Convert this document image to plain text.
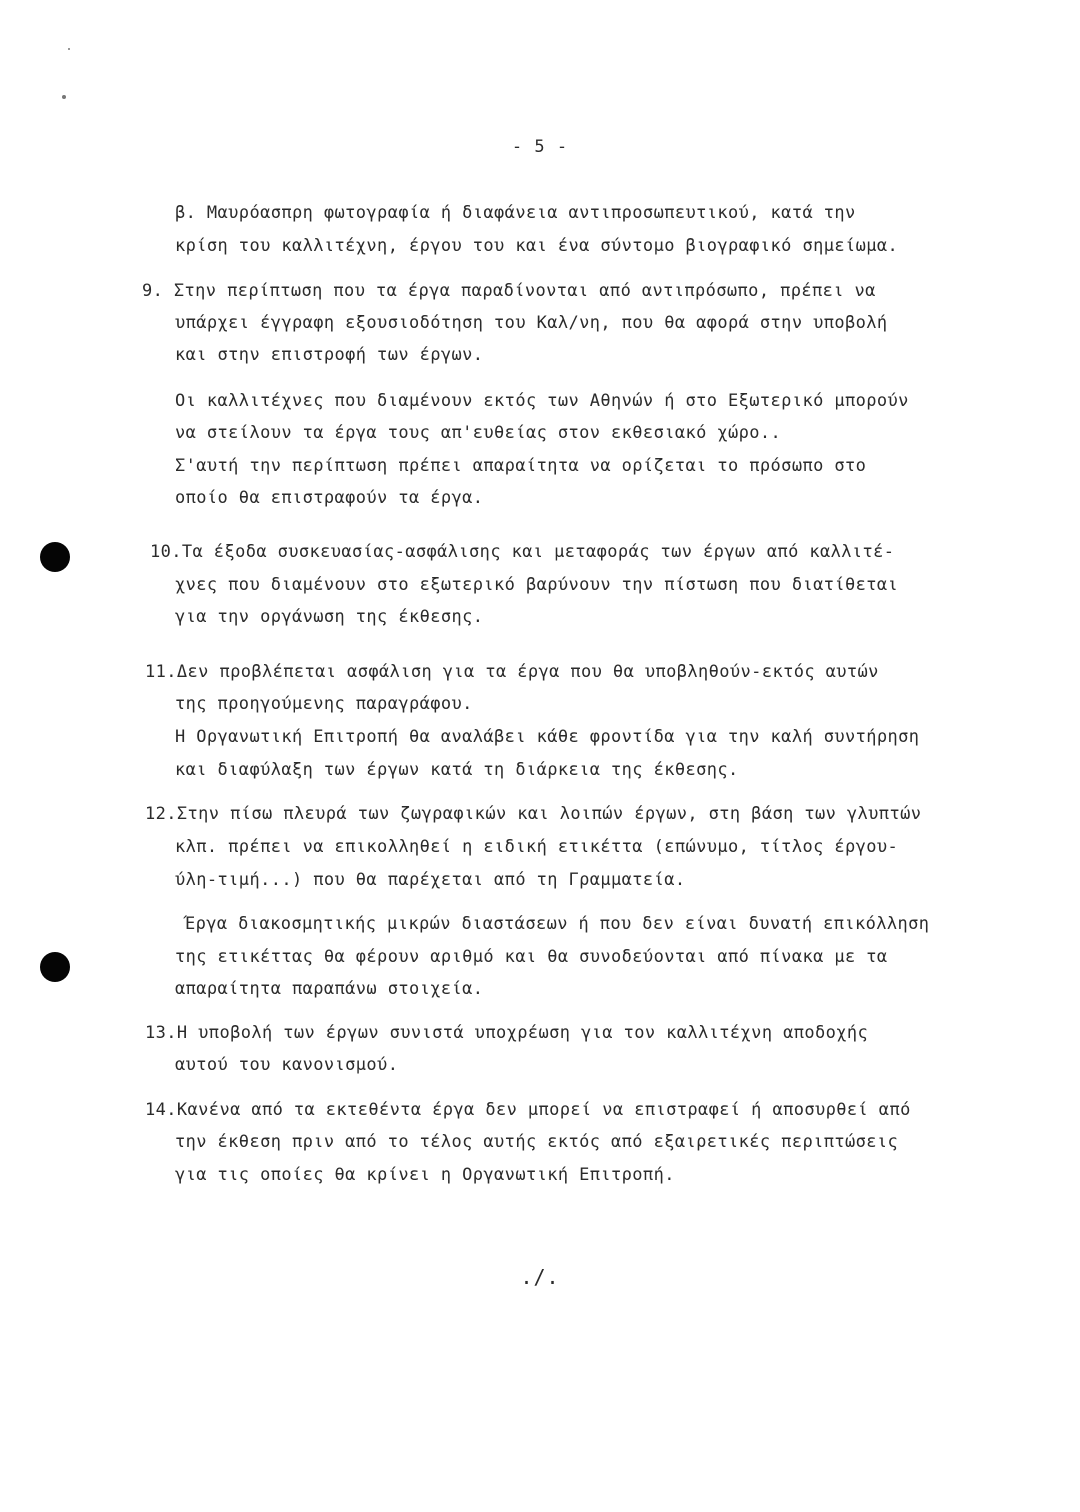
- 5 -
β. Μαυρόασπρη φωτογραφία ή διαφάνεια αντιπροσωπευτικού, κατά την
κρίση του καλλιτέχνη, έργου του και ένα σύντομο βιογραφικό σημείωμα.
9. Στην περίπτωση που τα έργα παραδίνονται από αντιπρόσωπο, πρέπει να
υπάρχει έγγραφη εξουσιοδότηση του Καλ/νη, που θα αφορά στην υποβολή
και στην επιστροφή των έργων.
Οι καλλιτέχνες που διαμένουν εκτός των Αθηνών ή στο Εξωτερικό μπορούν
να στείλουν τα έργα τους απ'ευθείας στον εκθεσιακό χώρο..
Σ'αυτή την περίπτωση πρέπει απαραίτητα να ορίζεται το πρόσωπο στο
οποίο θα επιστραφούν τα έργα.
10.Τα έξοδα συσκευασίας-ασφάλισης και μεταφοράς των έργων από καλλιτέ-
χνες που διαμένουν στο εξωτερικό βαρύνουν την πίστωση που διατίθεται
για την οργάνωση της έκθεσης.
11.Δεν προβλέπεται ασφάλιση για τα έργα που θα υποβληθούν-εκτός αυτών
της προηγούμενης παραγράφου.
Η Οργανωτική Επιτροπή θα αναλάβει κάθε φροντίδα για την καλή συντήρηση
και διαφύλαξη των έργων κατά τη διάρκεια της έκθεσης.
12.Στην πίσω πλευρά των ζωγραφικών και λοιπών έργων, στη βάση των γλυπτών
κλπ. πρέπει να επικολληθεί η ειδική ετικέττα (επώνυμο, τίτλος έργου-
ύλη-τιμή...) που θα παρέχεται από τη Γραμματεία.
Έργα διακοσμητικής μικρών διαστάσεων ή που δεν είναι δυνατή επικόλληση
της ετικέττας θα φέρουν αριθμό και θα συνοδεύονται από πίνακα με τα
απαραίτητα παραπάνω στοιχεία.
13.Η υποβολή των έργων συνιστά υποχρέωση για τον καλλιτέχνη αποδοχής
αυτού του κανονισμού.
14.Κανένα από τα εκτεθέντα έργα δεν μπορεί να επιστραφεί ή αποσυρθεί από
την έκθεση πριν από το τέλος αυτής εκτός από εξαιρετικές περιπτώσεις
για τις οποίες θα κρίνει η Οργανωτική Επιτροπή.
./.
